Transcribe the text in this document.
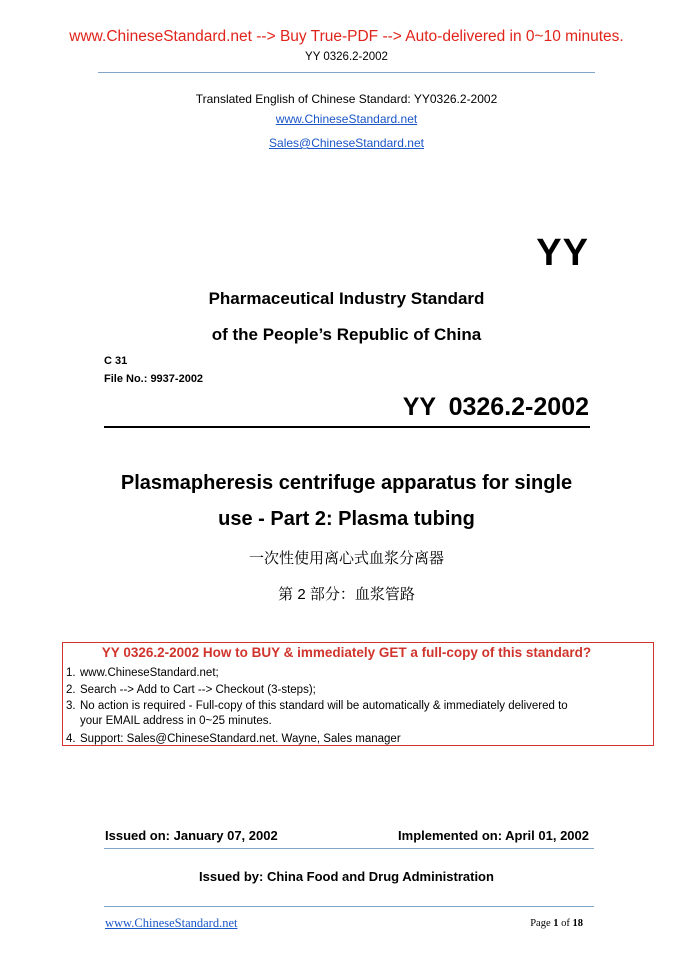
www.ChineseStandard.net --> Buy True-PDF --> Auto-delivered in 0~10 minutes.
YY 0326.2-2002
Translated English of Chinese Standard: YY0326.2-2002
www.ChineseStandard.net
Sales@ChineseStandard.net
YY
Pharmaceutical Industry Standard
of the People’s Republic of China
C 31
File No.: 9937-2002
YY 0326.2-2002
Plasmapheresis centrifuge apparatus for single
use - Part 2: Plasma tubing
一次性使用离心式血浆分离器
第 2 部分：血浆管路
YY 0326.2-2002 How to BUY & immediately GET a full-copy of this standard?
1. www.ChineseStandard.net;
2. Search --> Add to Cart --> Checkout (3-steps);
3. No action is required - Full-copy of this standard will be automatically & immediately delivered to
your EMAIL address in 0~25 minutes.
4. Support: Sales@ChineseStandard.net. Wayne, Sales manager
Issued on: January 07, 2002	Implemented on: April 01, 2002
Issued by: China Food and Drug Administration
www.ChineseStandard.net	Page 1 of 18
